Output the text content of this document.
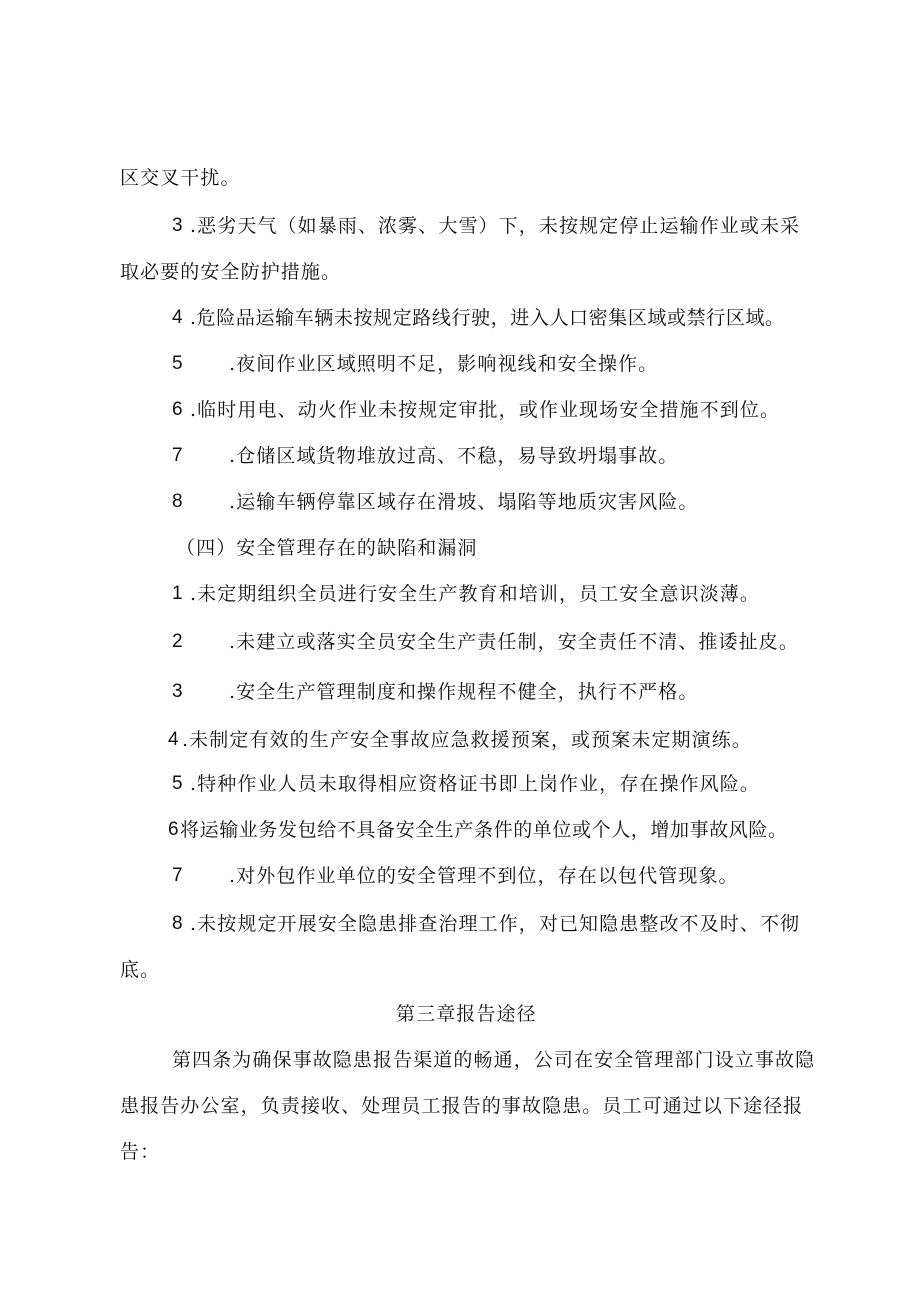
区交叉干扰。
3 .恶劣天气（如暴雨、浓雾、大雪）下，未按规定停止运输作业或未采
取必要的安全防护措施。
4 .危险品运输车辆未按规定路线行驶，进入人口密集区域或禁行区域。
5 .夜间作业区域照明不足，影响视线和安全操作。
6 .临时用电、动火作业未按规定审批，或作业现场安全措施不到位。
7 .仓储区域货物堆放过高、不稳，易导致坍塌事故。
8 .运输车辆停靠区域存在滑坡、塌陷等地质灾害风险。
（四）安全管理存在的缺陷和漏洞
1 .未定期组织全员进行安全生产教育和培训，员工安全意识淡薄。
2 .未建立或落实全员安全生产责任制，安全责任不清、推诿扯皮。
3 .安全生产管理制度和操作规程不健全，执行不严格。
4 .未制定有效的生产安全事故应急救援预案，或预案未定期演练。
5 .特种作业人员未取得相应资格证书即上岗作业，存在操作风险。
6 将运输业务发包给不具备安全生产条件的单位或个人，增加事故风险。
7 .对外包作业单位的安全管理不到位，存在以包代管现象。
8 .未按规定开展安全隐患排查治理工作，对已知隐患整改不及时、不彻
底。
第三章报告途径
第四条为确保事故隐患报告渠道的畅通，公司在安全管理部门设立事故隐
患报告办公室，负责接收、处理员工报告的事故隐患。员工可通过以下途径报
告：
